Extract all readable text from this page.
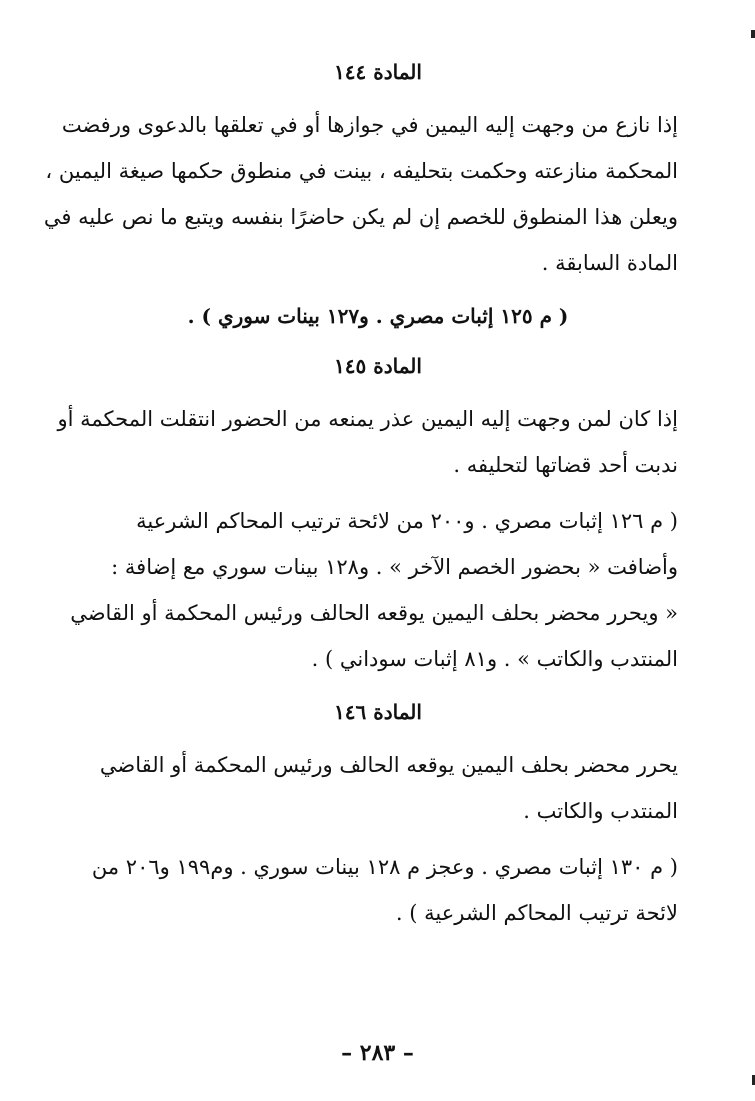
المادة ١٤٤
إذا نازع من وجهت إليه اليمين في جوازها أو في تعلقها بالدعوى ورفضت
المحكمة منازعته وحكمت بتحليفه ، بينت في منطوق حكمها صيغة اليمين ،
ويعلن هذا المنطوق للخصم إن لم يكن حاضرًا بنفسه ويتبع ما نص عليه في
المادة السابقة .
( م ١٢٥ إثبات مصري . و١٢٧ بينات سوري ) .
المادة ١٤٥
إذا كان لمن وجهت إليه اليمين عذر يمنعه من الحضور انتقلت المحكمة أو
ندبت أحد قضاتها لتحليفه .
( م ١٢٦ إثبات مصري . و٢٠٠ من لائحة ترتيب المحاكم الشرعية
وأضافت « بحضور الخصم الآخر » . و١٢٨ بينات سوري مع إضافة :
« ويحرر محضر بحلف اليمين يوقعه الحالف ورئيس المحكمة أو القاضي
المنتدب والكاتب » . و٨١ إثبات سوداني ) .
المادة ١٤٦
يحرر محضر بحلف اليمين يوقعه الحالف ورئيس المحكمة أو القاضي
المنتدب والكاتب .
( م ١٣٠ إثبات مصري . وعجز م ١٢٨ بينات سوري . وم١٩٩ و٢٠٦ من
لائحة ترتيب المحاكم الشرعية ) .
– ٢٨٣ –
